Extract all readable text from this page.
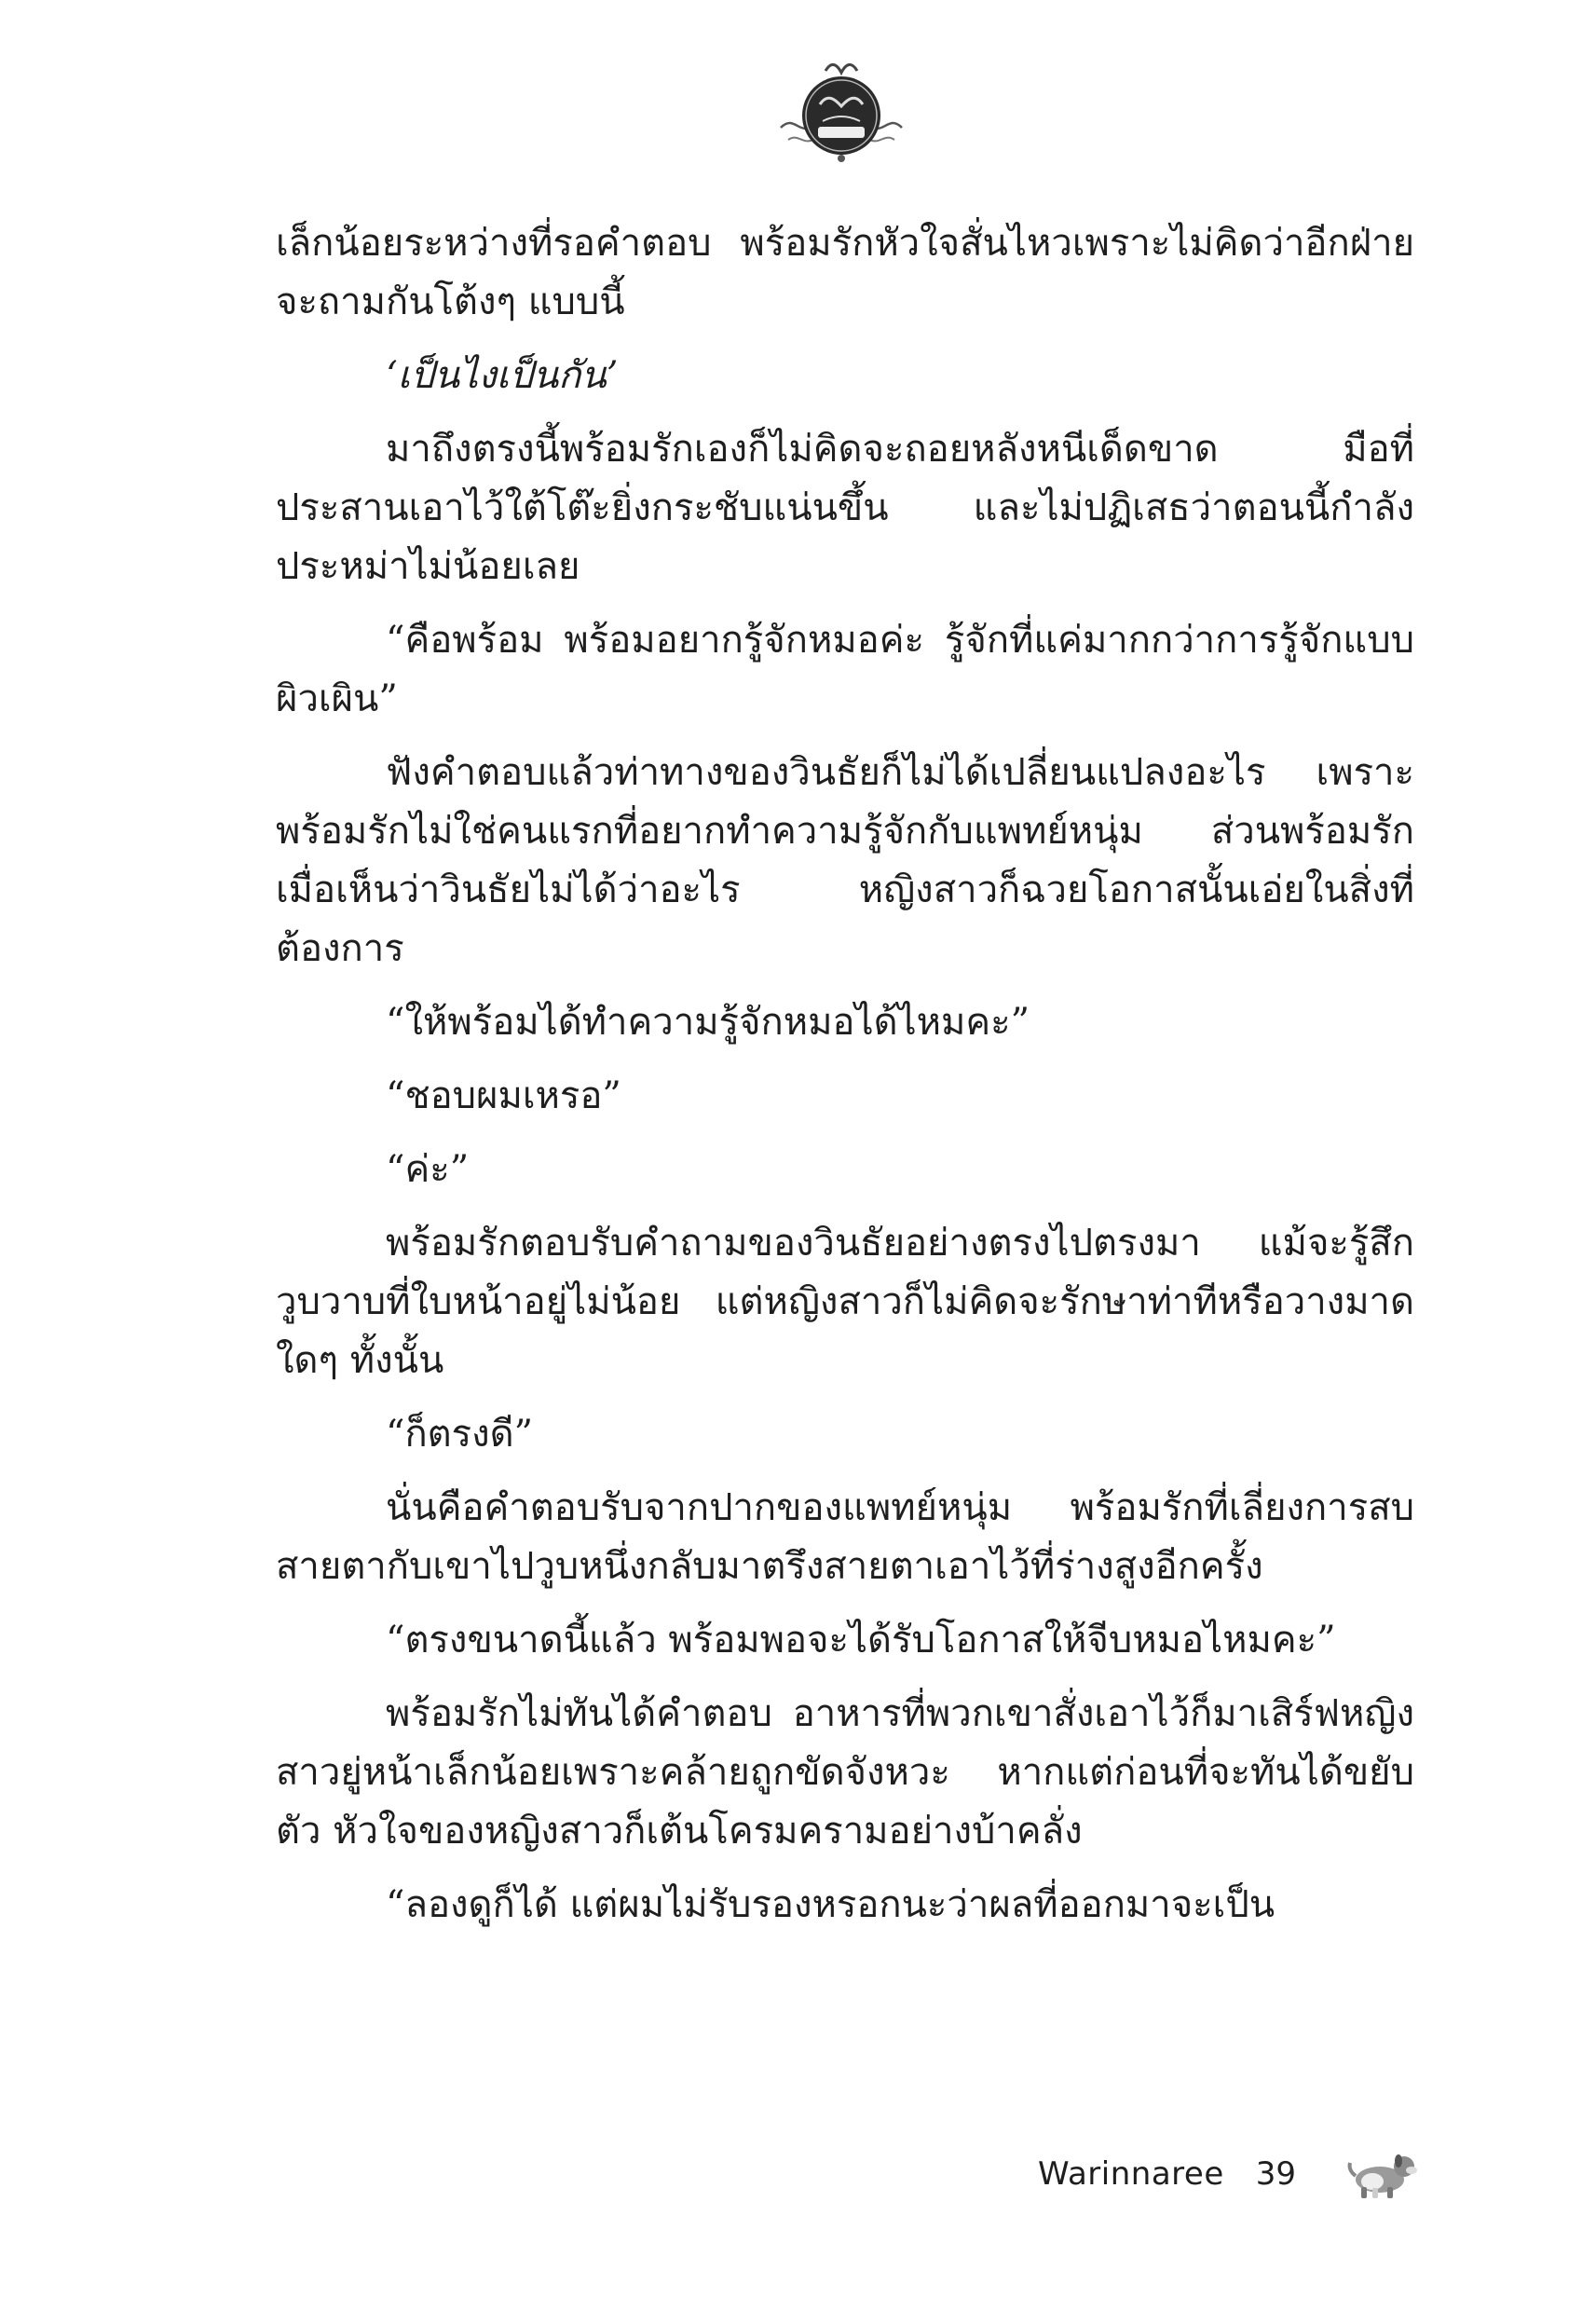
เล็กน้อยระหว่างที่รอคำตอบ พร้อมรักหัวใจสั่นไหวเพราะไม่คิดว่าอีกฝ่ายจะถามกันโต้งๆ แบบนี้

‘เป็นไงเป็นกัน’

มาถึงตรงนี้พร้อมรักเองก็ไม่คิดจะถอยหลังหนีเด็ดขาด มือที่ประสานเอาไว้ใต้โต๊ะยิ่งกระชับแน่นขึ้น และไม่ปฏิเสธว่าตอนนี้กำลังประหม่าไม่น้อยเลย

“คือพร้อม พร้อมอยากรู้จักหมอค่ะ รู้จักที่แค่มากกว่าการรู้จักแบบผิวเผิน”

ฟังคำตอบแล้วท่าทางของวินธัยก็ไม่ได้เปลี่ยนแปลงอะไร เพราะพร้อมรักไม่ใช่คนแรกที่อยากทำความรู้จักกับแพทย์หนุ่ม ส่วนพร้อมรักเมื่อเห็นว่าวินธัยไม่ได้ว่าอะไร หญิงสาวก็ฉวยโอกาสนั้นเอ่ยในสิ่งที่ต้องการ

“ให้พร้อมได้ทำความรู้จักหมอได้ไหมคะ”

“ชอบผมเหรอ”

“ค่ะ”

พร้อมรักตอบรับคำถามของวินธัยอย่างตรงไปตรงมา แม้จะรู้สึกวูบวาบที่ใบหน้าอยู่ไม่น้อย แต่หญิงสาวก็ไม่คิดจะรักษาท่าทีหรือวางมาดใดๆ ทั้งนั้น

“ก็ตรงดี”

นั่นคือคำตอบรับจากปากของแพทย์หนุ่ม พร้อมรักที่เลี่ยงการสบสายตากับเขาไปวูบหนึ่งกลับมาตรึงสายตาเอาไว้ที่ร่างสูงอีกครั้ง

“ตรงขนาดนี้แล้ว พร้อมพอจะได้รับโอกาสให้จีบหมอไหมคะ”

พร้อมรักไม่ทันได้คำตอบ อาหารที่พวกเขาสั่งเอาไว้ก็มาเสิร์ฟหญิงสาวยู่หน้าเล็กน้อยเพราะคล้ายถูกขัดจังหวะ หากแต่ก่อนที่จะทันได้ขยับตัว หัวใจของหญิงสาวก็เต้นโครมครามอย่างบ้าคลั่ง

“ลองดูก็ได้ แต่ผมไม่รับรองหรอกนะว่าผลที่ออกมาจะเป็น

Warinnaree 39
